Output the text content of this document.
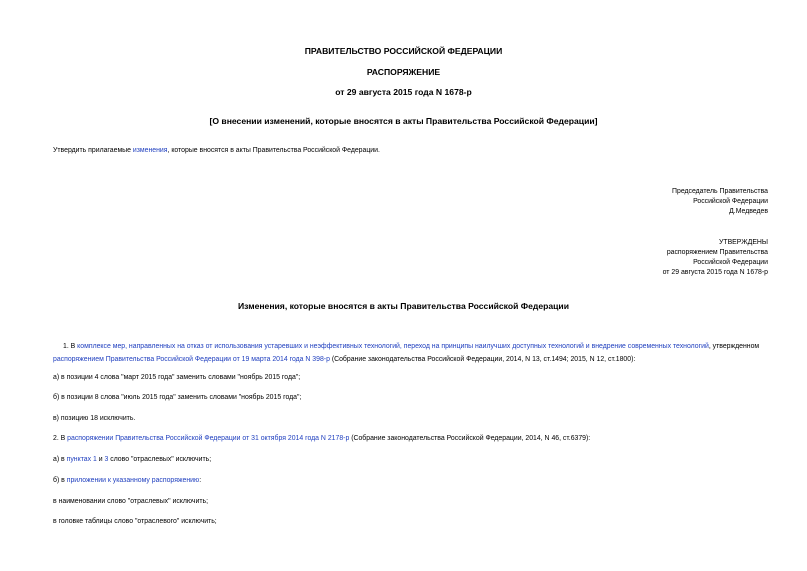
ПРАВИТЕЛЬСТВО РОССИЙСКОЙ ФЕДЕРАЦИИ
РАСПОРЯЖЕНИЕ
от 29 августа 2015 года N 1678-р
[О внесении изменений, которые вносятся в акты Правительства Российской Федерации]
Утвердить прилагаемые изменения, которые вносятся в акты Правительства Российской Федерации.
Председатель Правительства
Российской Федерации
Д.Медведев
УТВЕРЖДЕНЫ
распоряжением Правительства
Российской Федерации
от 29 августа 2015 года N 1678-р
Изменения, которые вносятся в акты Правительства Российской Федерации
1. В комплексе мер, направленных на отказ от использования устаревших и неэффективных технологий, переход на принципы наилучших доступных технологий и внедрение современных технологий, утвержденном распоряжением Правительства Российской Федерации от 19 марта 2014 года N 398-р (Собрание законодательства Российской Федерации, 2014, N 13, ст.1494; 2015, N 12, ст.1800):
а) в позиции 4 слова "март 2015 года" заменить словами "ноябрь 2015 года";
б) в позиции 8 слова "июль 2015 года" заменить словами "ноябрь 2015 года";
в) позицию 18 исключить.
2. В распоряжении Правительства Российской Федерации от 31 октября 2014 года N 2178-р (Собрание законодательства Российской Федерации, 2014, N 46, ст.6379):
а) в пунктах 1 и 3 слово "отраслевых" исключить;
б) в приложении к указанному распоряжению:
в наименовании слово "отраслевых" исключить;
в головке таблицы слово "отраслевого" исключить;
